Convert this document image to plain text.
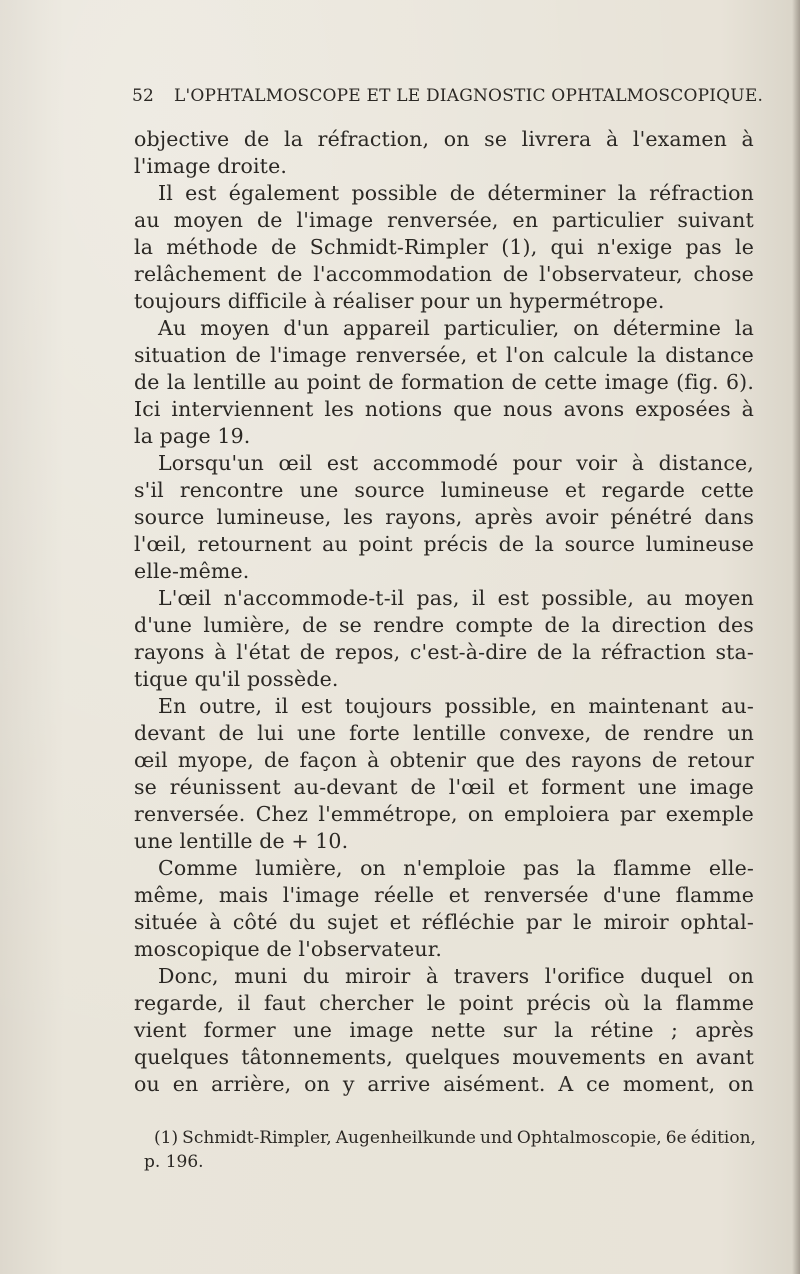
52 L'OPHTALMOSCOPE ET LE DIAGNOSTIC OPHTALMOSCOPIQUE.
objective de la réfraction, on se livrera à l'examen à
l'image droite.
Il est également possible de déterminer la réfraction
au moyen de l'image renversée, en particulier suivant
la méthode de Schmidt-Rimpler (1), qui n'exige pas le
relâchement de l'accommodation de l'observateur, chose
toujours difficile à réaliser pour un hypermétrope.
Au moyen d'un appareil particulier, on détermine la
situation de l'image renversée, et l'on calcule la distance
de la lentille au point de formation de cette image (fig. 6).
Ici interviennent les notions que nous avons exposées à
la page 19.
Lorsqu'un œil est accommodé pour voir à distance,
s'il rencontre une source lumineuse et regarde cette
source lumineuse, les rayons, après avoir pénétré dans
l'œil, retournent au point précis de la source lumineuse
elle-même.
L'œil n'accommode-t-il pas, il est possible, au moyen
d'une lumière, de se rendre compte de la direction des
rayons à l'état de repos, c'est-à-dire de la réfraction sta-
tique qu'il possède.
En outre, il est toujours possible, en maintenant au-
devant de lui une forte lentille convexe, de rendre un
œil myope, de façon à obtenir que des rayons de retour
se réunissent au-devant de l'œil et forment une image
renversée. Chez l'emmétrope, on emploiera par exemple
une lentille de + 10.
Comme lumière, on n'emploie pas la flamme elle-
même, mais l'image réelle et renversée d'une flamme
située à côté du sujet et réfléchie par le miroir ophtal-
moscopique de l'observateur.
Donc, muni du miroir à travers l'orifice duquel on
regarde, il faut chercher le point précis où la flamme
vient former une image nette sur la rétine ; après
quelques tâtonnements, quelques mouvements en avant
ou en arrière, on y arrive aisément. A ce moment, on
(1) Schmidt-Rimpler, Augenheilkunde und Ophtalmoscopie, 6e édition,
p. 196.
